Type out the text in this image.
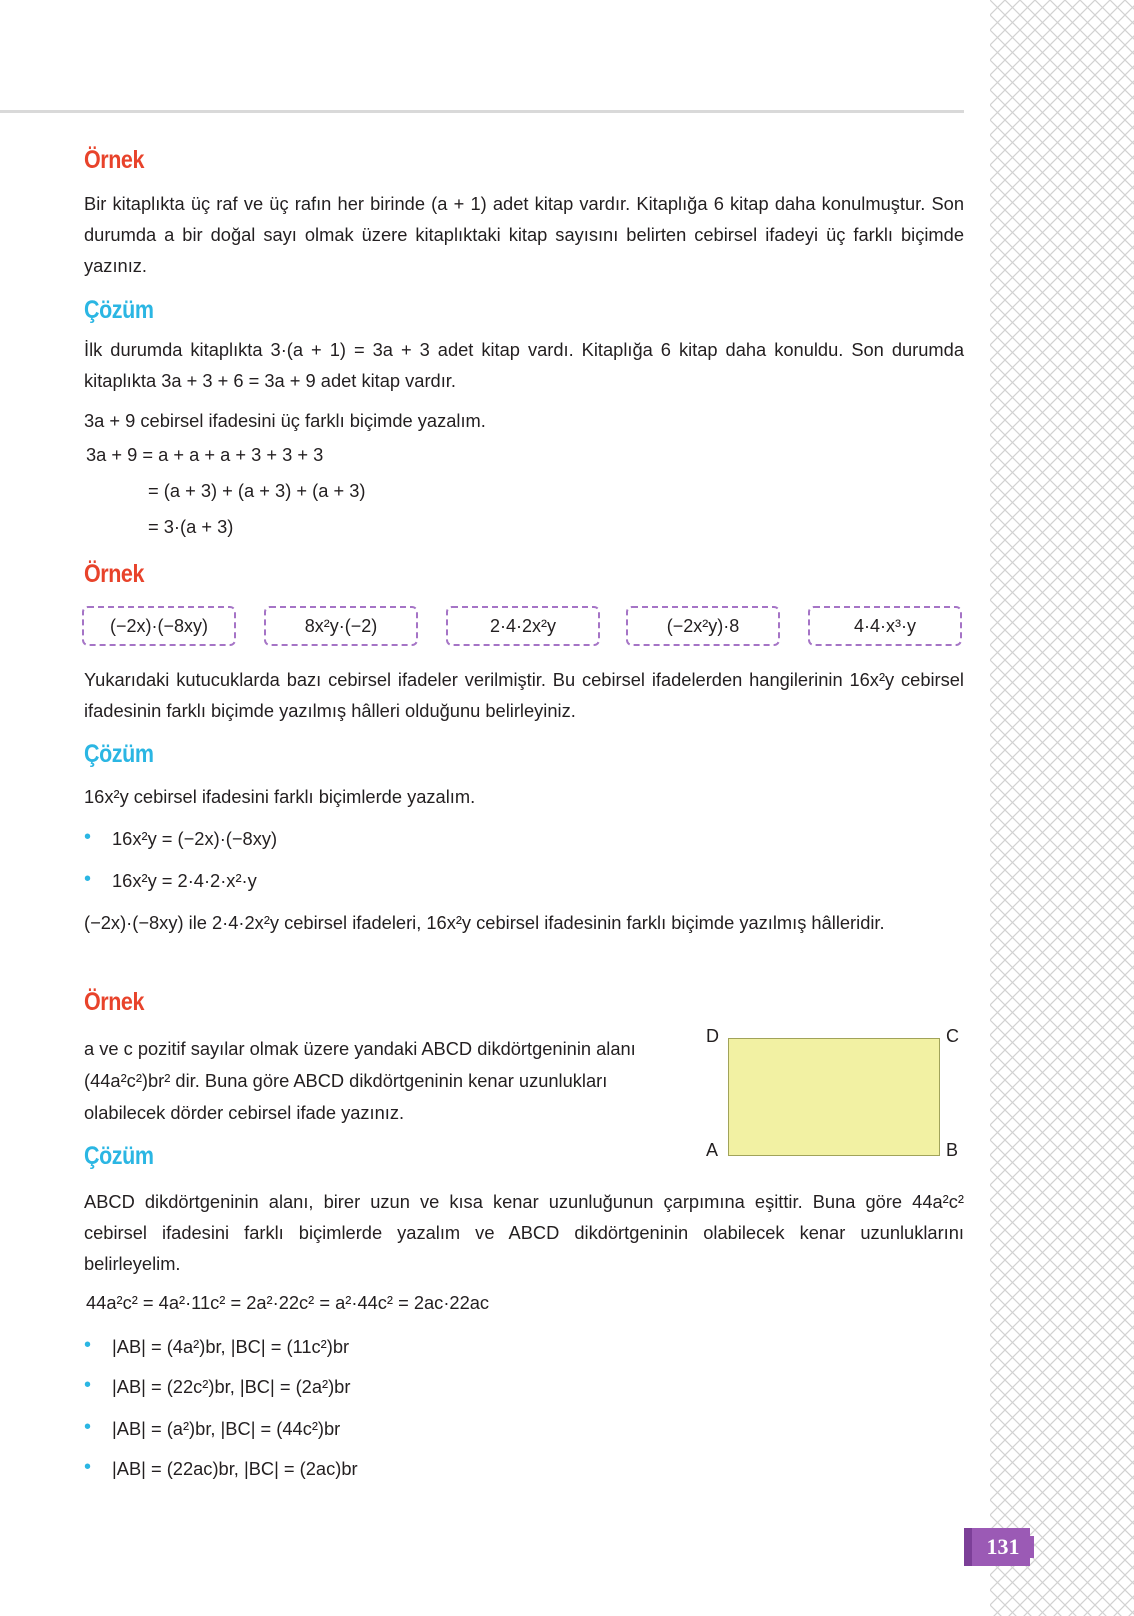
Örnek
Bir kitaplıkta üç raf ve üç rafın her birinde (a + 1) adet kitap vardır. Kitaplığa 6 kitap daha konulmuştur. Son durumda a bir doğal sayı olmak üzere kitaplıktaki kitap sayısını belirten cebirsel ifadeyi üç farklı biçimde yazınız.
Çözüm
İlk durumda kitaplıkta 3·(a + 1) = 3a + 3 adet kitap vardı. Kitaplığa 6 kitap daha konuldu. Son durumda kitaplıkta 3a + 3 + 6 = 3a + 9 adet kitap vardır.
3a + 9 cebirsel ifadesini üç farklı biçimde yazalım.
3a + 9 = a + a + a + 3 + 3 + 3
= (a + 3) + (a + 3) + (a + 3)
= 3·(a + 3)
Örnek
(−2x)·(−8xy)	8x²y·(−2)	2·4·2x²y	(−2x²y)·8	4·4·x³·y
Yukarıdaki kutucuklarda bazı cebirsel ifadeler verilmiştir. Bu cebirsel ifadelerden hangilerinin 16x²y cebirsel ifadesinin farklı biçimde yazılmış hâlleri olduğunu belirleyiniz.
Çözüm
16x²y cebirsel ifadesini farklı biçimlerde yazalım.
• 16x²y = (−2x)·(−8xy)
• 16x²y = 2·4·2·x²·y
(−2x)·(−8xy) ile 2·4·2x²y cebirsel ifadeleri, 16x²y cebirsel ifadesinin farklı biçimde yazılmış hâlleridir.
Örnek
a ve c pozitif sayılar olmak üzere yandaki ABCD dikdörtgeninin alanı
(44a²c²)br² dir. Buna göre ABCD dikdörtgeninin kenar uzunlukları
olabilecek dörder cebirsel ifade yazınız.
D	C
A	B
Çözüm
ABCD dikdörtgeninin alanı, birer uzun ve kısa kenar uzunluğunun çarpımına eşittir. Buna göre 44a²c² cebirsel ifadesini farklı biçimlerde yazalım ve ABCD dikdörtgeninin olabilecek kenar uzunluklarını belirleyelim.
44a²c² = 4a²·11c² = 2a²·22c² = a²·44c² = 2ac·22ac
• |AB| = (4a²)br, |BC| = (11c²)br
• |AB| = (22c²)br, |BC| = (2a²)br
• |AB| = (a²)br, |BC| = (44c²)br
• |AB| = (22ac)br, |BC| = (2ac)br
131
